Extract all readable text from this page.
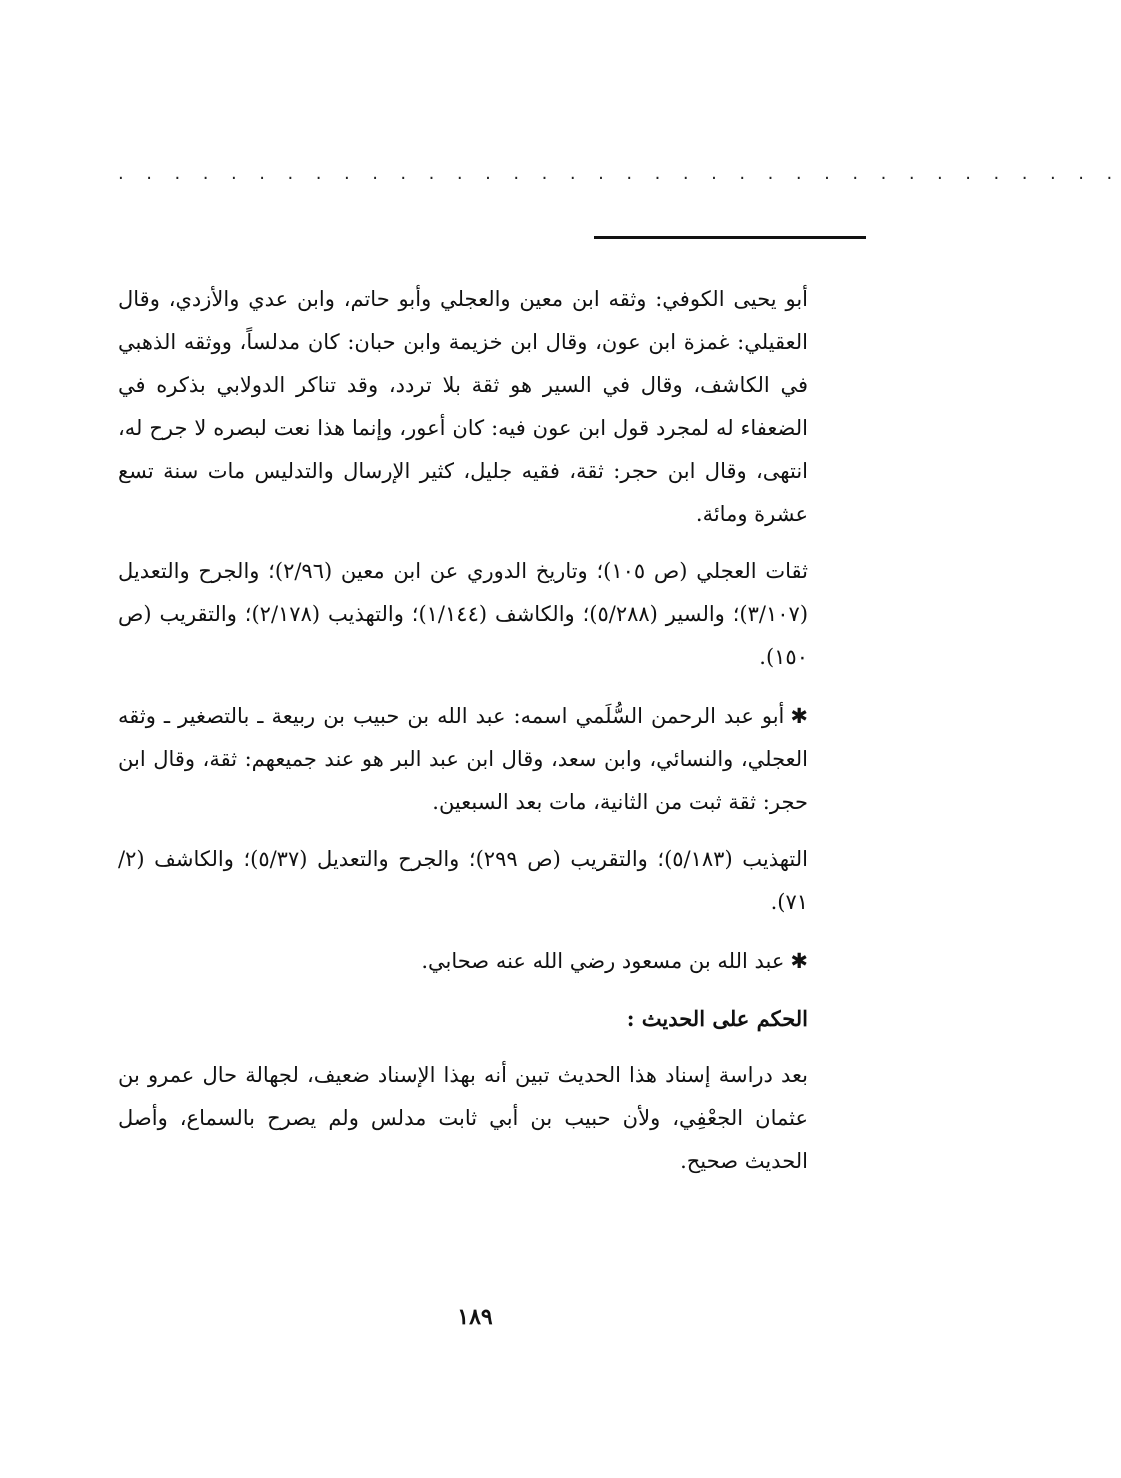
· · · · · · · · · · · · · · · · · · · · · · · · · · · · · · · · · · · ·

أبو يحيى الكوفي: وثقه ابن معين والعجلي وأبو حاتم، وابن عدي والأزدي، وقال العقيلي: غمزة ابن عون، وقال ابن خزيمة وابن حبان: كان مدلساً، ووثقه الذهبي في الكاشف، وقال في السير هو ثقة بلا تردد، وقد تناكر الدولابي بذكره في الضعفاء له لمجرد قول ابن عون فيه: كان أعور، وإنما هذا نعت لبصره لا جرح له، انتهى، وقال ابن حجر: ثقة، فقيه جليل، كثير الإرسال والتدليس مات سنة تسع عشرة ومائة.

ثقات العجلي (ص ١٠٥)؛ وتاريخ الدوري عن ابن معين (٢/٩٦)؛ والجرح والتعديل (٣/١٠٧)؛ والسير (٥/٢٨٨)؛ والكاشف (١/١٤٤)؛ والتهذيب (٢/١٧٨)؛ والتقريب (ص ١٥٠).

✱أبو عبد الرحمن السُّلَمي اسمه: عبد الله بن حبيب بن ربيعة ـ بالتصغير ـ وثقه العجلي، والنسائي، وابن سعد، وقال ابن عبد البر هو عند جميعهم: ثقة، وقال ابن حجر: ثقة ثبت من الثانية، مات بعد السبعين.

التهذيب (٥/١٨٣)؛ والتقريب (ص ٢٩٩)؛ والجرح والتعديل (٥/٣٧)؛ والكاشف (٢/ ٧١).

✱عبد الله بن مسعود رضي الله عنه صحابي.

الحكم على الحديث :

بعد دراسة إسناد هذا الحديث تبين أنه بهذا الإسناد ضعيف، لجهالة حال عمرو بن عثمان الجعْفِي، ولأن حبيب بن أبي ثابت مدلس ولم يصرح بالسماع، وأصل الحديث صحيح.

١٨٩
